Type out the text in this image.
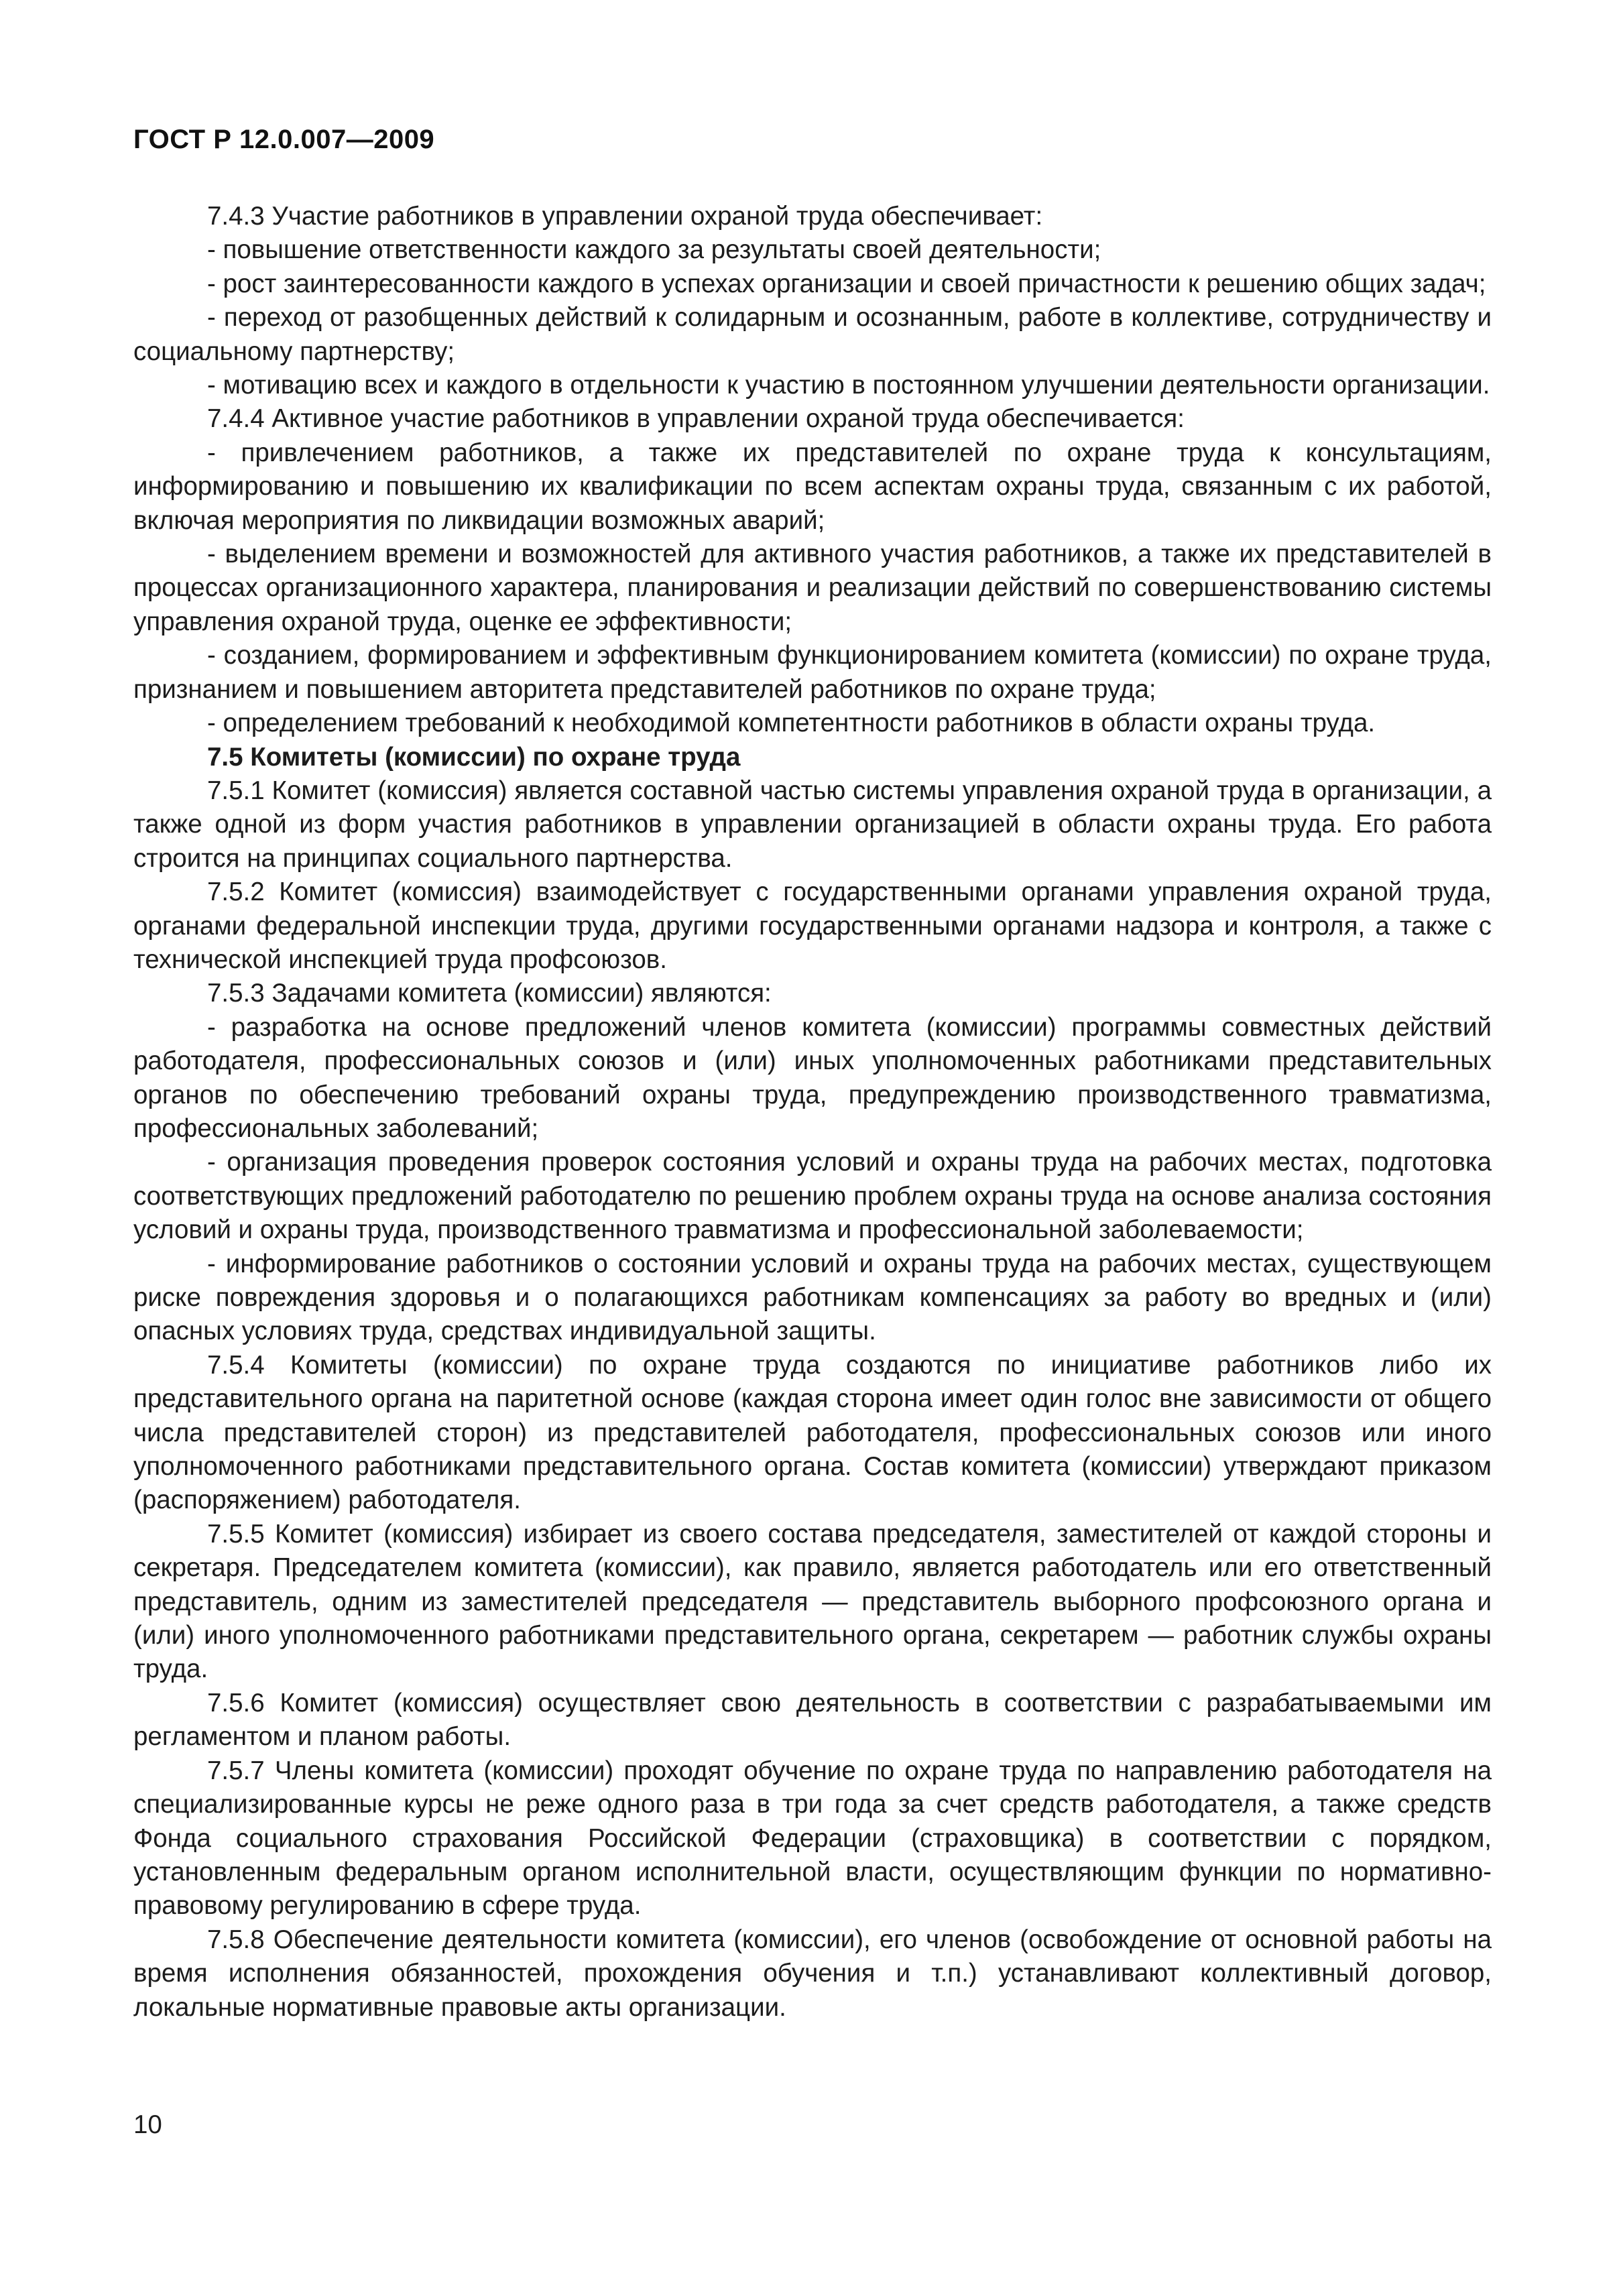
ГОСТ Р 12.0.007—2009

7.4.3 Участие работников в управлении охраной труда обеспечивает:

- повышение ответственности каждого за результаты своей деятельности;

- рост заинтересованности каждого в успехах организации и своей причастности к решению общих задач;

- переход от разобщенных действий к солидарным и осознанным, работе в коллективе, сотрудничеству и социальному партнерству;

- мотивацию всех и каждого в отдельности к участию в постоянном улучшении деятельности организации.

7.4.4 Активное участие работников в управлении охраной труда обеспечивается:

- привлечением работников, а также их представителей по охране труда к консультациям, информированию и повышению их квалификации по всем аспектам охраны труда, связанным с их работой, включая мероприятия по ликвидации возможных аварий;

- выделением времени и возможностей для активного участия работников, а также их представителей в процессах организационного характера, планирования и реализации действий по совершенствованию системы управления охраной труда, оценке ее эффективности;

- созданием, формированием и эффективным функционированием комитета (комиссии) по охране труда, признанием и повышением авторитета представителей работников по охране труда;

- определением требований к необходимой компетентности работников в области охраны труда.

7.5 Комитеты (комиссии) по охране труда

7.5.1 Комитет (комиссия) является составной частью системы управления охраной труда в организации, а также одной из форм участия работников в управлении организацией в области охраны труда. Его работа строится на принципах социального партнерства.

7.5.2 Комитет (комиссия) взаимодействует с государственными органами управления охраной труда, органами федеральной инспекции труда, другими государственными органами надзора и контроля, а также с технической инспекцией труда профсоюзов.

7.5.3 Задачами комитета (комиссии) являются:

- разработка на основе предложений членов комитета (комиссии) программы совместных действий работодателя, профессиональных союзов и (или) иных уполномоченных работниками представительных органов по обеспечению требований охраны труда, предупреждению производственного травматизма, профессиональных заболеваний;

- организация проведения проверок состояния условий и охраны труда на рабочих местах, подготовка соответствующих предложений работодателю по решению проблем охраны труда на основе анализа состояния условий и охраны труда, производственного травматизма и профессиональной заболеваемости;

- информирование работников о состоянии условий и охраны труда на рабочих местах, существующем риске повреждения здоровья и о полагающихся работникам компенсациях за работу во вредных и (или) опасных условиях труда, средствах индивидуальной защиты.

7.5.4 Комитеты (комиссии) по охране труда создаются по инициативе работников либо их представительного органа на паритетной основе (каждая сторона имеет один голос вне зависимости от общего числа представителей сторон) из представителей работодателя, профессиональных союзов или иного уполномоченного работниками представительного органа. Состав комитета (комиссии) утверждают приказом (распоряжением) работодателя.

7.5.5 Комитет (комиссия) избирает из своего состава председателя, заместителей от каждой стороны и секретаря. Председателем комитета (комиссии), как правило, является работодатель или его ответственный представитель, одним из заместителей председателя — представитель выборного профсоюзного органа и (или) иного уполномоченного работниками представительного органа, секретарем — работник службы охраны труда.

7.5.6 Комитет (комиссия) осуществляет свою деятельность в соответствии с разрабатываемыми им регламентом и планом работы.

7.5.7 Члены комитета (комиссии) проходят обучение по охране труда по направлению работодателя на специализированные курсы не реже одного раза в три года за счет средств работодателя, а также средств Фонда социального страхования Российской Федерации (страховщика) в соответствии с порядком, установленным федеральным органом исполнительной власти, осуществляющим функции по нормативно-правовому регулированию в сфере труда.

7.5.8 Обеспечение деятельности комитета (комиссии), его членов (освобождение от основной работы на время исполнения обязанностей, прохождения обучения и т.п.) устанавливают коллективный договор, локальные нормативные правовые акты организации.

10
